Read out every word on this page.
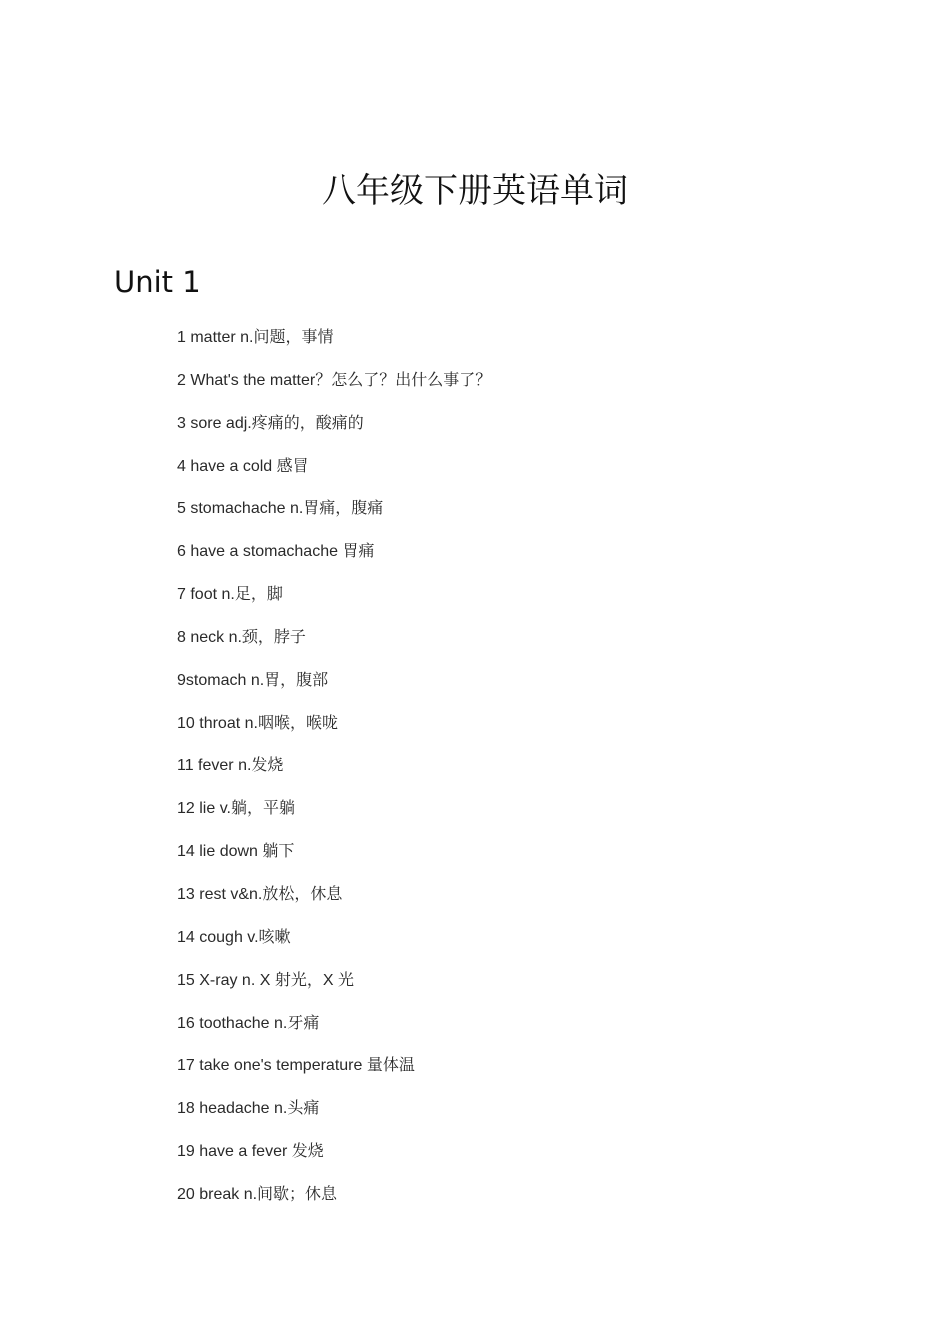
八年级下册英语单词
Unit 1
1 matter n.问题，事情
2 What's the matter？怎么了？出什么事了？
3 sore adj.疼痛的，酸痛的
4 have a cold 感冒
5 stomachache n.胃痛，腹痛
6 have a stomachache 胃痛
7 foot n.足，脚
8 neck n.颈，脖子
9stomach n.胃，腹部
10 throat n.咽喉，喉咙
11 fever n.发烧
12 lie v.躺，平躺
14 lie down 躺下
13 rest v&n.放松，休息
14 cough v.咳嗽
15 X-ray n. X 射光，X 光
16 toothache n.牙痛
17 take one's temperature 量体温
18 headache n.头痛
19 have a fever 发烧
20 break n.间歇；休息
